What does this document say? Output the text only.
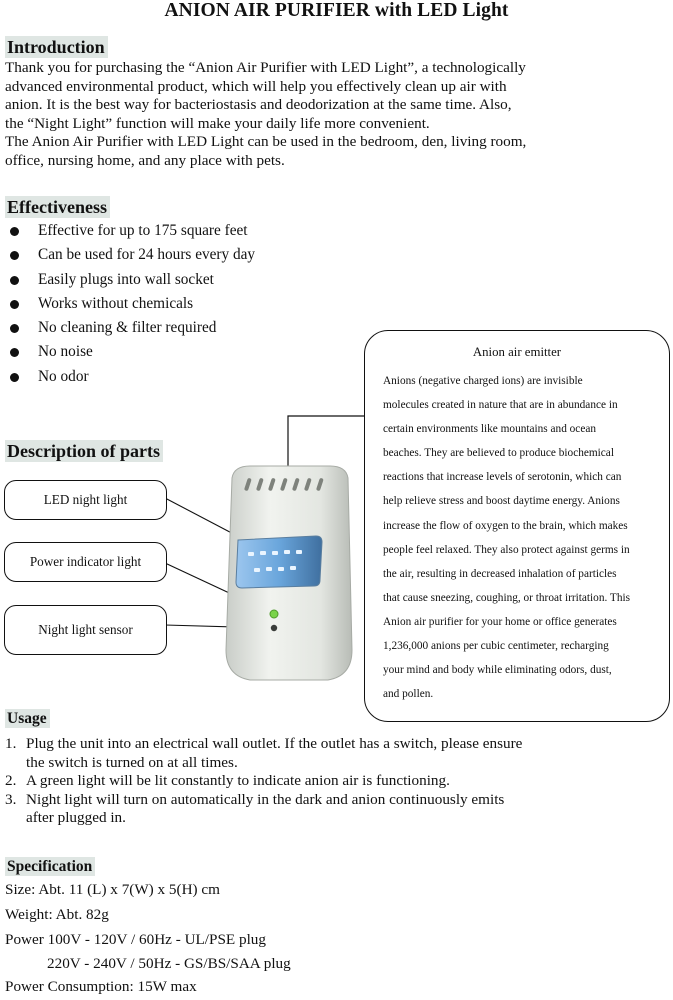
ANION AIR PURIFIER with LED Light
Introduction
Thank you for purchasing the “Anion Air Purifier with LED Light”, a technologically
advanced environmental product, which will help you effectively clean up air with
anion. It is the best way for bacteriostasis and deodorization at the same time. Also,
the “Night Light” function will make your daily life more convenient.
The Anion Air Purifier with LED Light can be used in the bedroom, den, living room,
office, nursing home, and any place with pets.
Effectiveness
Effective for up to 175 square feet
Can be used for 24 hours every day
Easily plugs into wall socket
Works without chemicals
No cleaning & filter required
No noise
No odor
Description of parts
LED night light
Power indicator light
Night light sensor
Anion air emitter
Anions (negative charged ions) are invisible
molecules created in nature that are in abundance in
certain environments like mountains and ocean
beaches. They are believed to produce biochemical
reactions that increase levels of serotonin, which can
help relieve stress and boost daytime energy. Anions
increase the flow of oxygen to the brain, which makes
people feel relaxed. They also protect against germs in
the air, resulting in decreased inhalation of particles
that cause sneezing, coughing, or throat irritation. This
Anion air purifier for your home or office generates
1,236,000 anions per cubic centimeter, recharging
your mind and body while eliminating odors, dust,
and pollen.
Usage
1. Plug the unit into an electrical wall outlet. If the outlet has a switch, please ensure
the switch is turned on at all times.
2. A green light will be lit constantly to indicate anion air is functioning.
3. Night light will turn on automatically in the dark and anion continuously emits
after plugged in.
Specification
Size: Abt. 11 (L) x 7(W) x 5(H) cm
Weight: Abt. 82g
Power 100V - 120V / 60Hz - UL/PSE plug
220V - 240V / 50Hz - GS/BS/SAA plug
Power Consumption: 15W max
